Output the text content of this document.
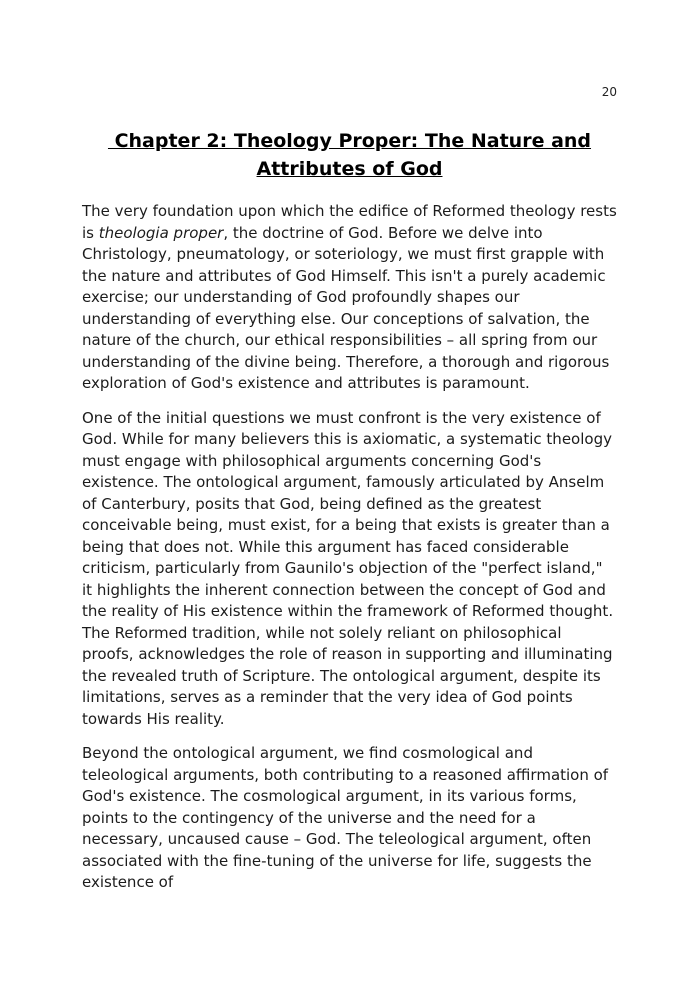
20
Chapter 2: Theology Proper: The Nature and
Attributes of God

The very foundation upon which the edifice of Reformed theology rests is theologia proper, the doctrine of God. Before we delve into Christology, pneumatology, or soteriology, we must first grapple with the nature and attributes of God Himself. This isn't a purely academic exercise; our understanding of God profoundly shapes our understanding of everything else. Our conceptions of salvation, the nature of the church, our ethical responsibilities – all spring from our understanding of the divine being. Therefore, a thorough and rigorous exploration of God's existence and attributes is paramount.

One of the initial questions we must confront is the very existence of God. While for many believers this is axiomatic, a systematic theology must engage with philosophical arguments concerning God's existence. The ontological argument, famously articulated by Anselm of Canterbury, posits that God, being defined as the greatest conceivable being, must exist, for a being that exists is greater than a being that does not. While this argument has faced considerable criticism, particularly from Gaunilo's objection of the "perfect island," it highlights the inherent connection between the concept of God and the reality of His existence within the framework of Reformed thought. The Reformed tradition, while not solely reliant on philosophical proofs, acknowledges the role of reason in supporting and illuminating the revealed truth of Scripture. The ontological argument, despite its limitations, serves as a reminder that the very idea of God points towards His reality.

Beyond the ontological argument, we find cosmological and teleological arguments, both contributing to a reasoned affirmation of God's existence. The cosmological argument, in its various forms, points to the contingency of the universe and the need for a necessary, uncaused cause – God. The teleological argument, often associated with the fine-tuning of the universe for life, suggests the existence of
